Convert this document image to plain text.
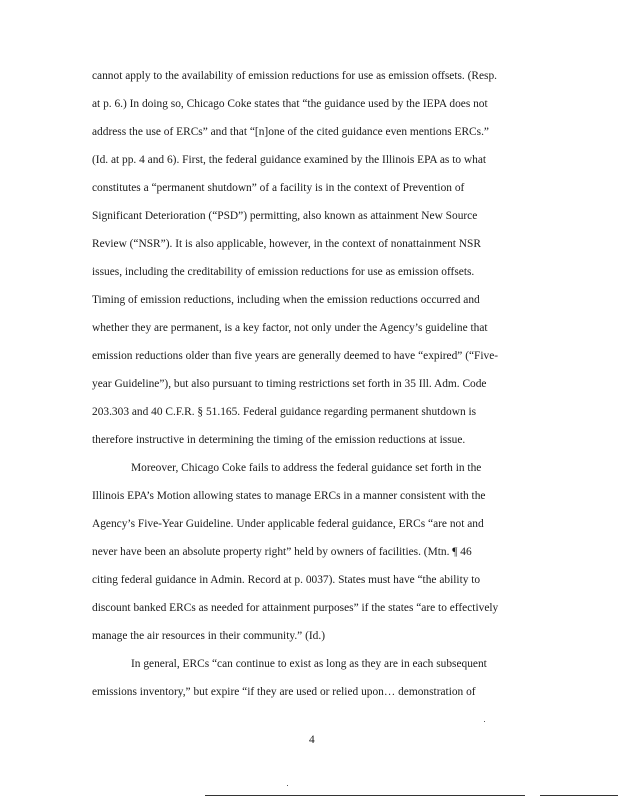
cannot apply to the availability of emission reductions for use as emission offsets. (Resp.
at p. 6.) In doing so, Chicago Coke states that “the guidance used by the IEPA does not
address the use of ERCs” and that “[n]one of the cited guidance even mentions ERCs.”
(Id. at pp. 4 and 6). First, the federal guidance examined by the Illinois EPA as to what
constitutes a “permanent shutdown” of a facility is in the context of Prevention of
Significant Deterioration (“PSD”) permitting, also known as attainment New Source
Review (“NSR”). It is also applicable, however, in the context of nonattainment NSR
issues, including the creditability of emission reductions for use as emission offsets.
Timing of emission reductions, including when the emission reductions occurred and
whether they are permanent, is a key factor, not only under the Agency’s guideline that
emission reductions older than five years are generally deemed to have “expired” (“Five-
year Guideline”), but also pursuant to timing restrictions set forth in 35 Ill. Adm. Code
203.303 and 40 C.F.R. § 51.165. Federal guidance regarding permanent shutdown is
therefore instructive in determining the timing of the emission reductions at issue.
Moreover, Chicago Coke fails to address the federal guidance set forth in the
Illinois EPA’s Motion allowing states to manage ERCs in a manner consistent with the
Agency’s Five-Year Guideline. Under applicable federal guidance, ERCs “are not and
never have been an absolute property right” held by owners of facilities. (Mtn. ¶ 46
citing federal guidance in Admin. Record at p. 0037). States must have “the ability to
discount banked ERCs as needed for attainment purposes” if the states “are to effectively
manage the air resources in their community.” (Id.)
In general, ERCs “can continue to exist as long as they are in each subsequent
emissions inventory,” but expire “if they are used or relied upon… demonstration of
4
